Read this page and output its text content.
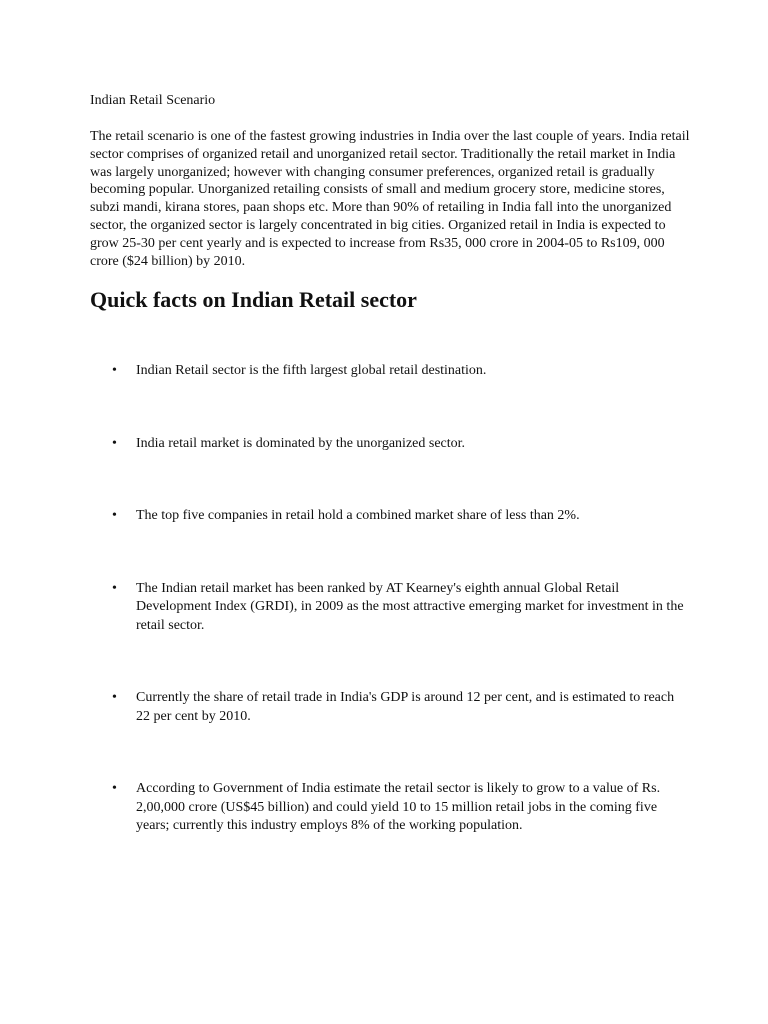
Indian Retail Scenario

The retail scenario is one of the fastest growing industries in India over the last couple of years. India retail sector comprises of organized retail and unorganized retail sector. Traditionally the retail market in India was largely unorganized; however with changing consumer preferences, organized retail is gradually becoming popular. Unorganized retailing consists of small and medium grocery store, medicine stores, subzi mandi, kirana stores, paan shops etc. More than 90% of retailing in India fall into the unorganized sector, the organized sector is largely concentrated in big cities. Organized retail in India is expected to grow 25-30 per cent yearly and is expected to increase from Rs35, 000 crore in 2004-05 to Rs109, 000 crore ($24 billion) by 2010.

Quick facts on Indian Retail sector
• Indian Retail sector is the fifth largest global retail destination.
• India retail market is dominated by the unorganized sector.
• The top five companies in retail hold a combined market share of less than 2%.
• The Indian retail market has been ranked by AT Kearney's eighth annual Global Retail Development Index (GRDI), in 2009 as the most attractive emerging market for investment in the retail sector.
• Currently the share of retail trade in India's GDP is around 12 per cent, and is estimated to reach 22 per cent by 2010.
• According to Government of India estimate the retail sector is likely to grow to a value of Rs. 2,00,000 crore (US$45 billion) and could yield 10 to 15 million retail jobs in the coming five years; currently this industry employs 8% of the working population.
